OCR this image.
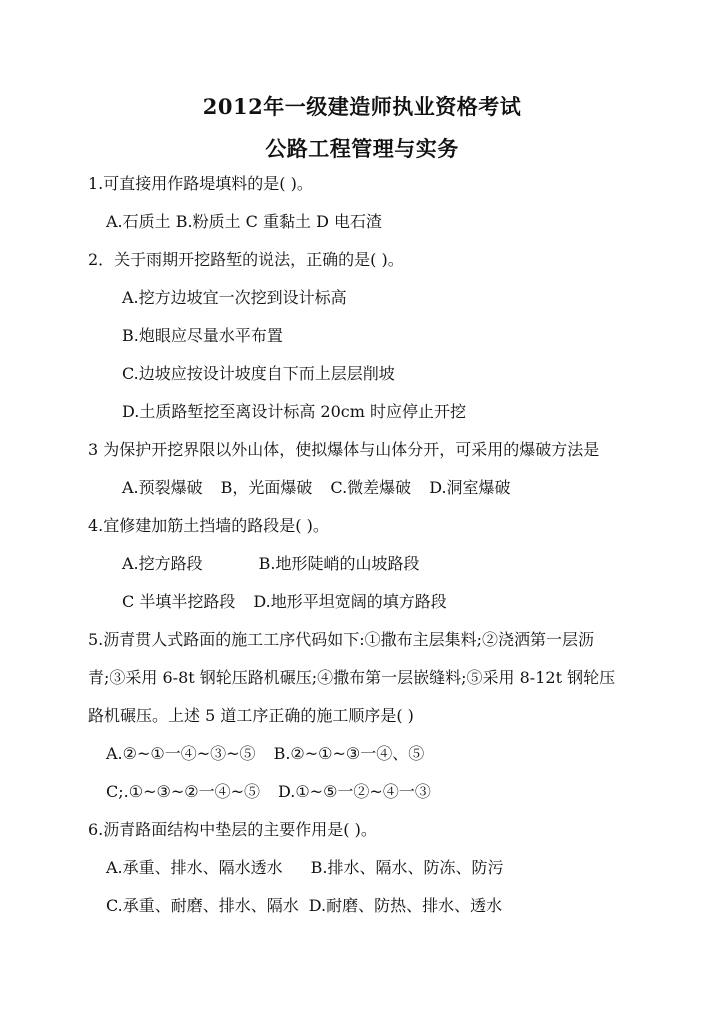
2012年一级建造师执业资格考试
公路工程管理与实务
1.可直接用作路堤填料的是( )。
A.石质土 B.粉质土 C 重黏土 D 电石渣
2．关于雨期开挖路堑的说法，正确的是( )。
A.挖方边坡宜一次挖到设计标高
B.炮眼应尽量水平布置
C.边坡应按设计坡度自下而上层层削坡
D.土质路堑挖至离设计标高 20cm 时应停止开挖
3 为保护开挖界限以外山体，使拟爆体与山体分开，可采用的爆破方法是
A.预裂爆破 B，光面爆破 C.微差爆破 D.洞室爆破
4.宜修建加筋土挡墙的路段是( )。
A.挖方路段	B.地形陡峭的山坡路段
C 半填半挖路段 D.地形平坦宽阔的填方路段
5.沥青贯人式路面的施工工序代码如下:①撒布主层集料;②浇洒第一层沥
青;③采用 6-8t 钢轮压路机碾压;④撒布第一层嵌缝料;⑤采用 8-12t 钢轮压
路机碾压。上述 5 道工序正确的施工顺序是( )
A.②~①一④~③~⑤ B.②~①~③一④、⑤
C;.①~③~②一④~⑤ D.①~⑤一②~④一③
6.沥青路面结构中垫层的主要作用是( )。
A.承重、排水、隔水透水 B.排水、隔水、防冻、防污
C.承重、耐磨、排水、隔水 D.耐磨、防热、排水、透水
